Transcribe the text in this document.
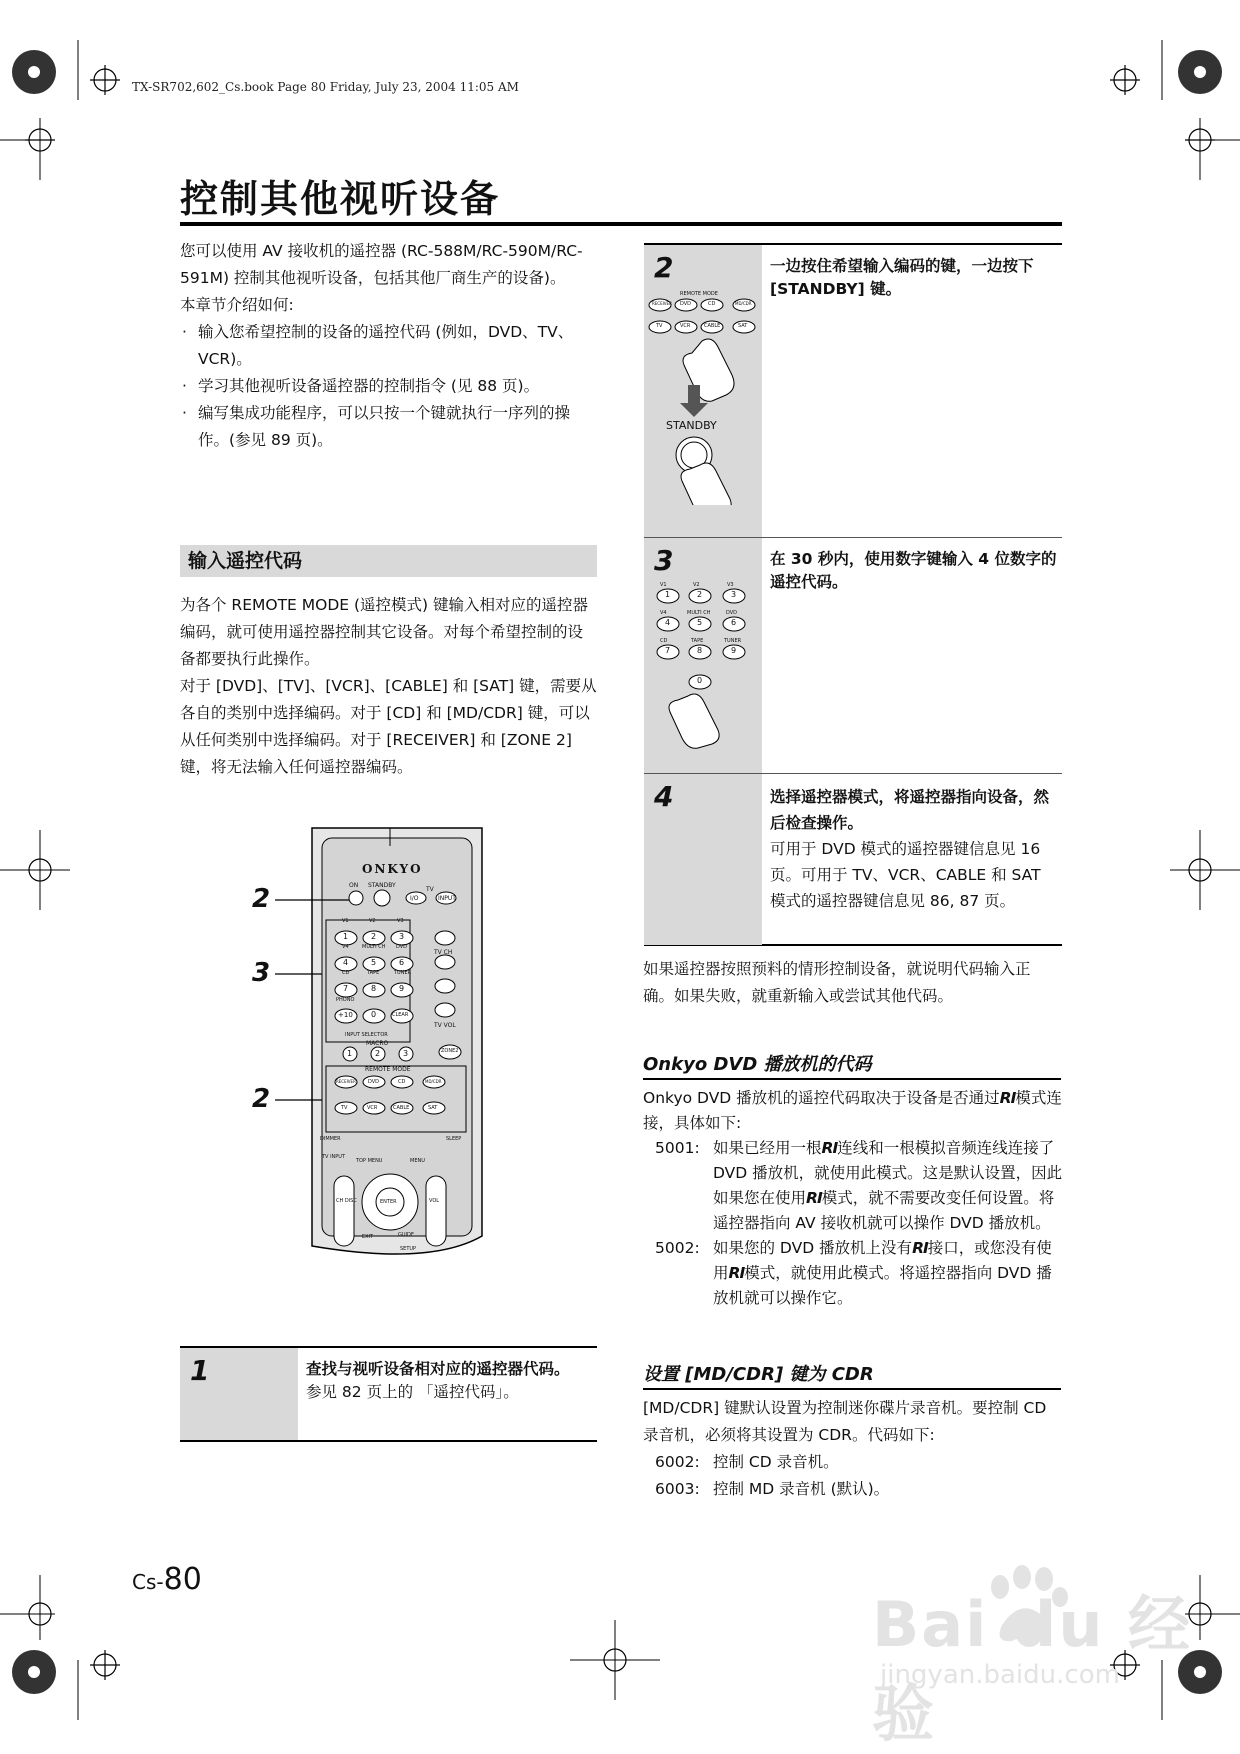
TX-SR702,602_Cs.book Page 80 Friday, July 23, 2004 11:05 AM
控制其他视听设备

您可以使用 AV 接收机的遥控器 (RC-588M/RC-590M/RC-591M) 控制其他视听设备，包括其他厂商生产的设备)。

本章节介绍如何:

· 输入您希望控制的设备的遥控代码 (例如，DVD、TV、VCR)。

· 学习其他视听设备遥控器的控制指令 (见 88 页)。

· 编写集成功能程序，可以只按一个键就执行一序列的操作。(参见 89 页)。

输入遥控代码

为各个 REMOTE MODE (遥控模式) 键输入相对应的遥控器编码，就可使用遥控器控制其它设备。对每个希望控制的设备都要执行此操作。

对于 [DVD]、[TV]、[VCR]、[CABLE] 和 [SAT] 键，需要从各自的类别中选择编码。对于 [CD] 和 [MD/CDR] 键，可以从任何类别中选择编码。对于 [RECEIVER] 和 [ZONE 2] 键，将无法输入任何遥控器编码。

2
3
2
ONKYO
ON STANDBY
TV
I/O	INPUT
TV CH
TV VOL
V1	V2	V3
V4	MULTI CH DVD
CD	TAPE	TUNER
1	2	3
4	5	6
7	8	9
0
PHONO
+10	CLEAR
INPUT SELECTOR
MACRO
1	2	3	ZONE2
REMOTE MODE
RECEIVER DVD	CD	MD/CDR
TV	VCR	CABLE	SAT
DIMMER	SLEEP
TV INPUT
TOP MENU	MENU
ENTER
CH DISC	VOL
EXIT	GUIDE
SETUP
1	查找与视听设备相对应的遥控器代码。
参见 82 页上的 「遥控代码」。
2
REMOTE MODE
RECEIVER DVD	CD	MD/CDR
TV	VCR	CABLE	SAT
STANDBY
一边按住希望输入编码的键，一边按下 [STANDBY] 键。
3
V1	V2	V3
V4	MULTI CH	DVD
CD	TAPE	TUNER
1	2	3
4	5	6
7	8	9
0
在 30 秒内，使用数字键输入 4 位数字的遥控代码。
4	选择遥控器模式，将遥控器指向设备，然后检查操作。
可用于 DVD 模式的遥控器键信息见 16 页。可用于 TV、VCR、CABLE 和 SAT 模式的遥控器键信息见 86, 87 页。
如果遥控器按照预料的情形控制设备，就说明代码输入正确。如果失败，就重新输入或尝试其他代码。
Onkyo DVD 播放机的代码

Onkyo DVD 播放机的遥控代码取决于设备是否通过RI模式连接，具体如下:

5001: 如果已经用一根RI连线和一根模拟音频连线连接了 DVD 播放机，就使用此模式。这是默认设置，因此如果您在使用RI模式，就不需要改变任何设置。将遥控器指向 AV 接收机就可以操作 DVD 播放机。

5002: 如果您的 DVD 播放机上没有RI接口，或您没有使用RI模式，就使用此模式。将遥控器指向 DVD 播放机就可以操作它。

设置 [MD/CDR] 键为 CDR

[MD/CDR] 键默认设置为控制迷你碟片录音机。要控制 CD 录音机，必须将其设置为 CDR。代码如下:

6002: 控制 CD 录音机。

6003: 控制 MD 录音机 (默认)。

Cs-80
Bai du 经验
jingyan.baidu.com
